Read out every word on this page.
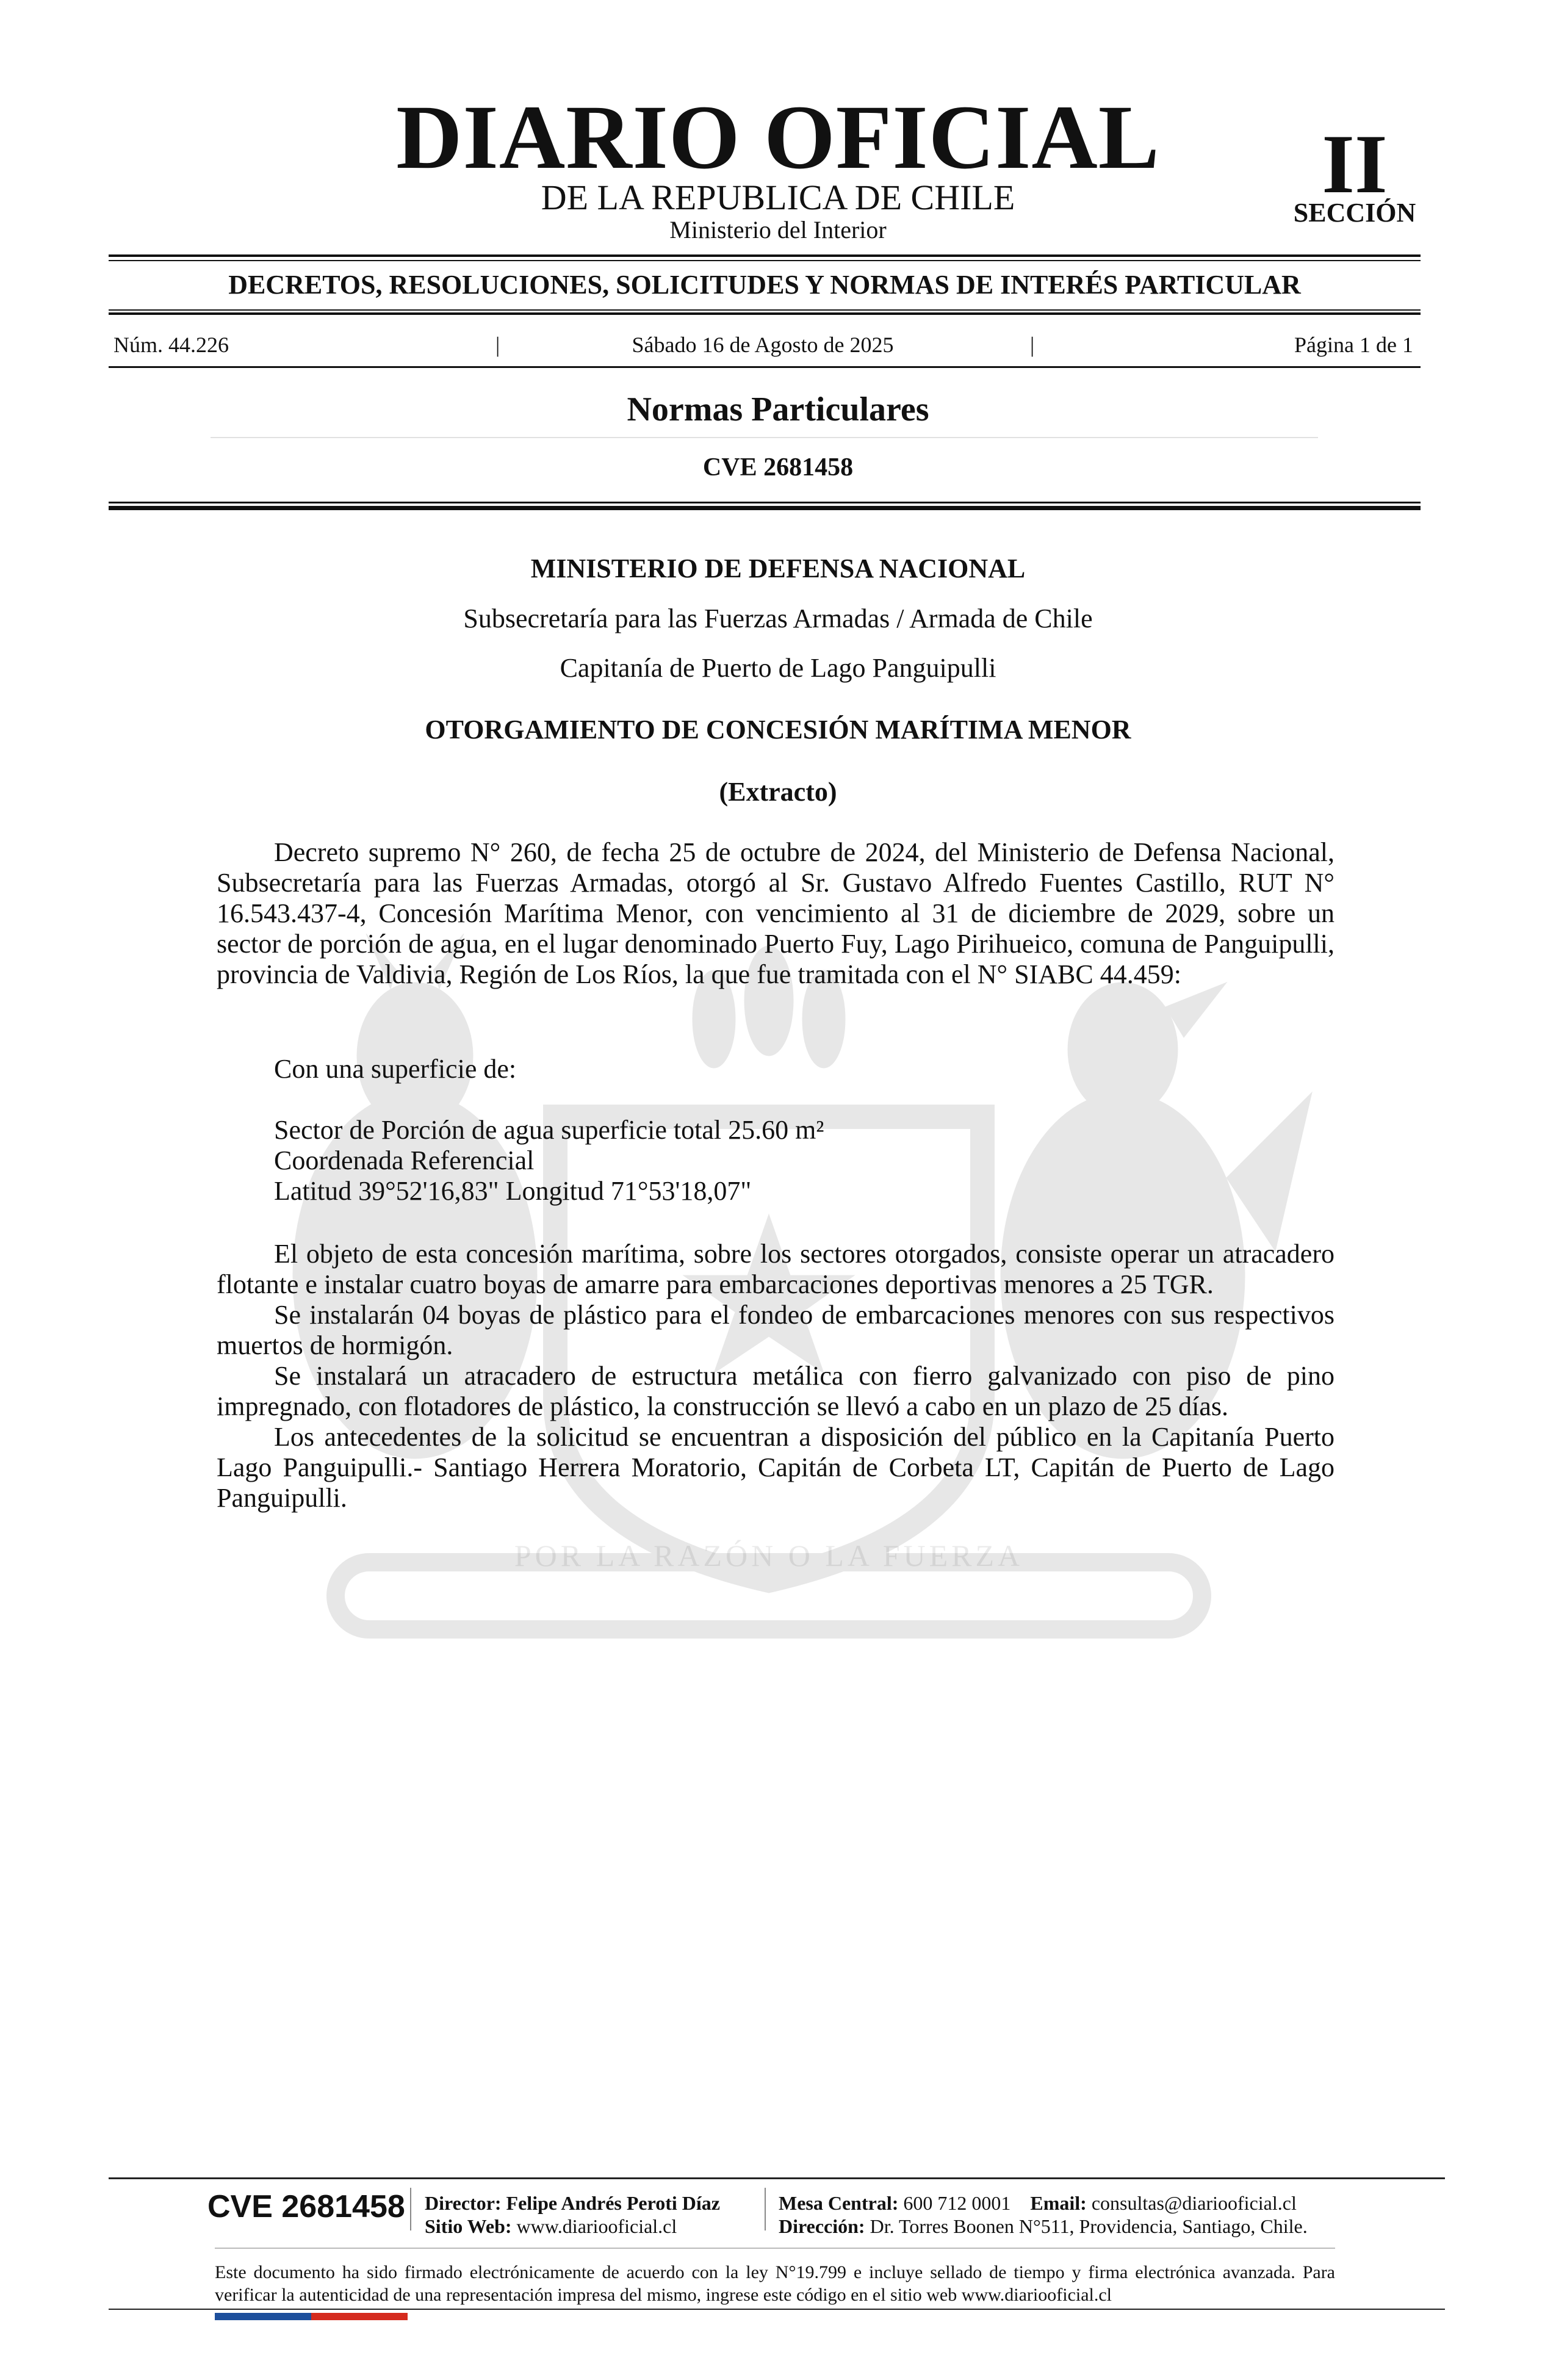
DIARIO OFICIAL
DE LA REPUBLICA DE CHILE
Ministerio del Interior
II
SECCIÓN
DECRETOS, RESOLUCIONES, SOLICITUDES Y NORMAS DE INTERÉS PARTICULAR
Núm. 44.226	|	Sábado 16 de Agosto de 2025	|	Página 1 de 1
Normas Particulares
CVE 2681458
POR LA RAZÓN O LA FUERZA
MINISTERIO DE DEFENSA NACIONAL
Subsecretaría para las Fuerzas Armadas / Armada de Chile
Capitanía de Puerto de Lago Panguipulli
OTORGAMIENTO DE CONCESIÓN MARÍTIMA MENOR
(Extracto)

Decreto supremo N° 260, de fecha 25 de octubre de 2024, del Ministerio de Defensa Nacional, Subsecretaría para las Fuerzas Armadas, otorgó al Sr. Gustavo Alfredo Fuentes Castillo, RUT N° 16.543.437-4, Concesión Marítima Menor, con vencimiento al 31 de diciembre de 2029, sobre un sector de porción de agua, en el lugar denominado Puerto Fuy, Lago Pirihueico, comuna de Panguipulli, provincia de Valdivia, Región de Los Ríos, la que fue tramitada con el N° SIABC 44.459:

Con una superficie de:
Sector de Porción de agua superficie total 25.60 m²
Coordenada Referencial
Latitud 39°52'16,83" Longitud 71°53'18,07"

El objeto de esta concesión marítima, sobre los sectores otorgados, consiste operar un atracadero flotante e instalar cuatro boyas de amarre para embarcaciones deportivas menores a 25 TGR.

Se instalarán 04 boyas de plástico para el fondeo de embarcaciones menores con sus respectivos muertos de hormigón.

Se instalará un atracadero de estructura metálica con fierro galvanizado con piso de pino impregnado, con flotadores de plástico, la construcción se llevó a cabo en un plazo de 25 días.

Los antecedentes de la solicitud se encuentran a disposición del público en la Capitanía Puerto Lago Panguipulli.- Santiago Herrera Moratorio, Capitán de Corbeta LT, Capitán de Puerto de Lago Panguipulli.

CVE 2681458 Director: Felipe Andrés Peroti Díaz
Sitio Web: www.diariooficial.cl
Mesa Central: 600 712 0001 Email: consultas@diariooficial.cl
Dirección: Dr. Torres Boonen N°511, Providencia, Santiago, Chile.
Este documento ha sido firmado electrónicamente de acuerdo con la ley N°19.799 e incluye sellado de tiempo y firma electrónica avanzada. Para verificar la autenticidad de una representación impresa del mismo, ingrese este código en el sitio web www.diariooficial.cl
